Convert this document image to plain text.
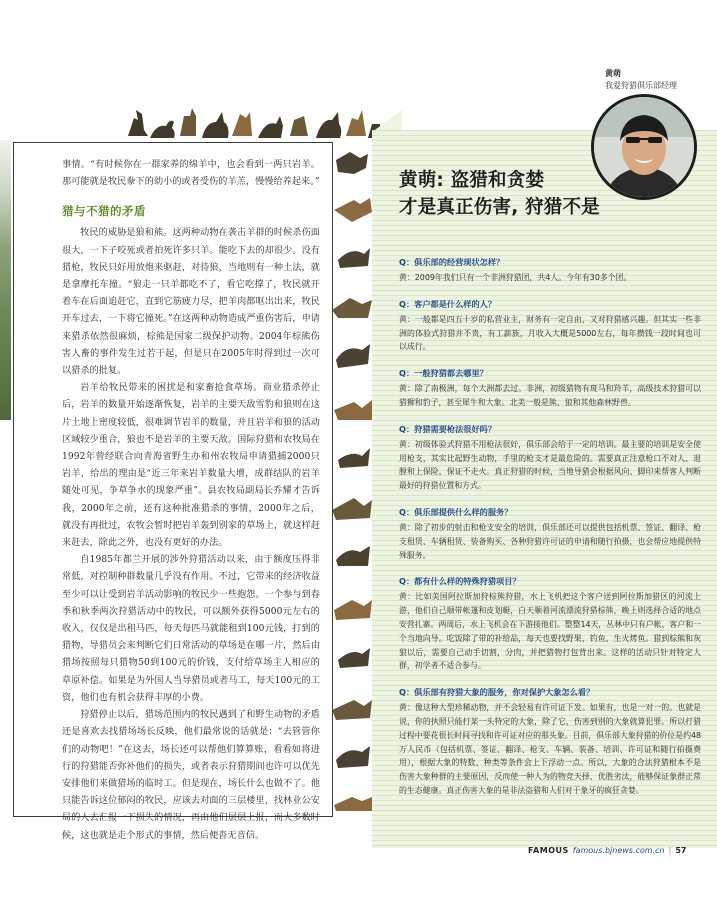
事情。“有时候你在一群家养的绵羊中，也会看到一两只岩羊。那可能就是牧民豢下的幼小的或者受伤的羊羔，慢慢给养起来。”

猎与不猎的矛盾

牧民的威胁是狼和熊。这两种动物在袭击羊群的时候杀伤面很大，一下子咬死或者拍死许多只羊。能吃下去的却很少。没有猎枪，牧民只好用放炮来驱赶，对待狼，当地则有一种土法，就是拿摩托车撞。“狼走一只羊都吃不了，看它吃撑了，牧民就开着车在后面追赶它，直到它筋疲力尽，把羊肉都呕出出来，牧民开车过去，一下将它撞死。”在这两种动物造成严重伤害后，申请来猎杀依然很麻烦，棕熊是国家二级保护动物。2004年棕熊伤害人畜的事件发生过若干起，但是只在2005年时得到过一次可以猎杀的批复。

岩羊给牧民带来的困扰是和家畜抢食草场。商业猎杀停止后，岩羊的数量开始逐渐恢复，岩羊的主要天敌雪豹和狼则在这片土地上密度较低，很难调节岩羊的数量，并且岩羊和狼的活动区域较少重合，狼也不是岩羊的主要天敌。国际狩猎和农牧局在1992年曾经联合向青海省野生办和州农牧局申请猎捕2000只岩羊，给出的理由是“近三年来岩羊数量大增，成群结队的岩羊随处可见，争草争水的现象严重”。县农牧局副局长乔耀才告诉我，2000年之前，还有这种批准猎杀的事情，2000年之后，就没有再批过，农牧会暂时把岩羊轰到别家的草场上，就这样赶来赶去，除此之外，也没有更好的办法。

自1985年都兰开展的涉外狩猎活动以来，由于额度压得非常低，对控制种群数量几乎没有作用。不过，它带来的经济收益至少可以让受到岩羊活动影响的牧民少一些抱怨。一个参与到春季和秋季两次狩猎活动中的牧民，可以额外获得5000元左右的收入，仅仅是出租马匹，每天每匹马就能租到100元钱，打到的猎物，导猎员会来判断它们日常活动的草场是在哪一片，然后由猎场按照每只猎物50到100元的价钱，支付给草场主人相应的草原补偿。如果是为外国人当导猎员或者马工，每天100元的工资，他们也有机会获得丰厚的小费。

狩猎停止以后，猎场范围内的牧民遇到了和野生动物的矛盾还是喜欢去找猎场场长反映，他们最常说的话就是：“去管管你们的动物吧！”在这去，场长还可以帮他们算算账，看看如将进行的狩猎能否弥补他们的损失，或者表示狩猎期间也许可以优先安排他们来做猎场的临时工。但是现在，场长什么也做不了。他只能告诉这位郁闷的牧民，应该去对面的三层楼里，找林业公安局的人去汇报一下损失的情况，再由他们层层上报，而大多数时候，这也就是走个形式的事情，然后便沓无音信。

黄萌
我爱狩猎俱乐部经理
黄萌: 盗猎和贪婪
才是真正伤害, 狩猎不是
Q：俱乐部的经营现状怎样？
黄：2009年我们只有一个非洲狩猎团，共4人。今年有30多个团。
Q：客户都是什么样的人？
黄：一般都是四五十岁的私营业主，财务有一定自由，又对狩猎感兴趣。但其实一些非洲的体验式狩猎并不贵，有工薪族，月收入大概是5000左右，每年攒钱一段时间也可以成行。
Q：一般狩猎都去哪里？
黄：除了南极洲，每个大洲都去过。非洲，初级猎物有斑马和羚羊，高级技术狩猎可以猎狮和豹子，甚至犀牛和大象。北美一般是熊、狼和其他森林野兽。
Q：狩猎需要枪法很好吗？
黄：初级体验式狩猎不用枪法很好，俱乐部会给于一定的培训。最主要的培训是安全使用枪支，其实比起野生动物，手里的枪支才是最危险的。需要真正注意枪口不对人、退膛和上保险，保证不走火。真正狩猎的时候，当地导猎会根据风向、脚印来帮客人判断最好的狩猎位置和方式。
Q：俱乐部提供什么样的服务？
黄：除了初步的射击和枪支安全的培训，俱乐部还可以提供包括机票、签证、翻译、枪支租赁、车辆租赁、装备购买、各种狩猎许可证的申请和随行拍摄，也会帮应地提供特殊服务。
Q：都有什么样的特殊狩猎项目？
黄：比如美国阿拉斯加狩棕熊狩猎，水上飞机把这个客户送到阿拉斯加猎区的河流上游，他们自己顺带帐篷和皮划艇，白天顺着河流漂流狩猎棕熊，晚上则选择合适的地点安营扎寨。两周后，水上飞机会在下游接他们。整整14天，丛林中只有户帐、客户和一个当地向导。吃饭除了带的补给品，每天也要找野果、钓鱼、生火烤鱼。猎到棕熊和灰狼以后，需要自己动手切割，分肉，并把猎物打包背出来。这样的活动只针对特定人群，初学者不适合参与。
Q：俱乐部有狩猎大象的服务，你对保护大象怎么看？
黄：像这种大型珍稀动物，并不会轻易有许可证下发。如果有，也是一对一的。也就是说，你的执照只能打某一头特定的大象，除了它，伤害到别的大象就算犯罪。所以打猎过程中要花很长时间寻找和许可证对应的那头象。目前，俱乐部大象狩猎的价位是约48万人民币（包括机票、签证、翻译、枪支、车辆、装备、培训、许可证和随行拍摄费用），根据大象的特数、种类等条件会上下浮动一点。所以，大象的合法狩猎根本不是伤害大象种群的主要原因，反而使一种人为的物竞天择、优胜劣汰，能够保证象群正常的生态健康。真正伤害大象的是非法盗猎和人们对于象牙的疯狂贪婪。
FAMOUS famous.bjnews.com.cn | 57
